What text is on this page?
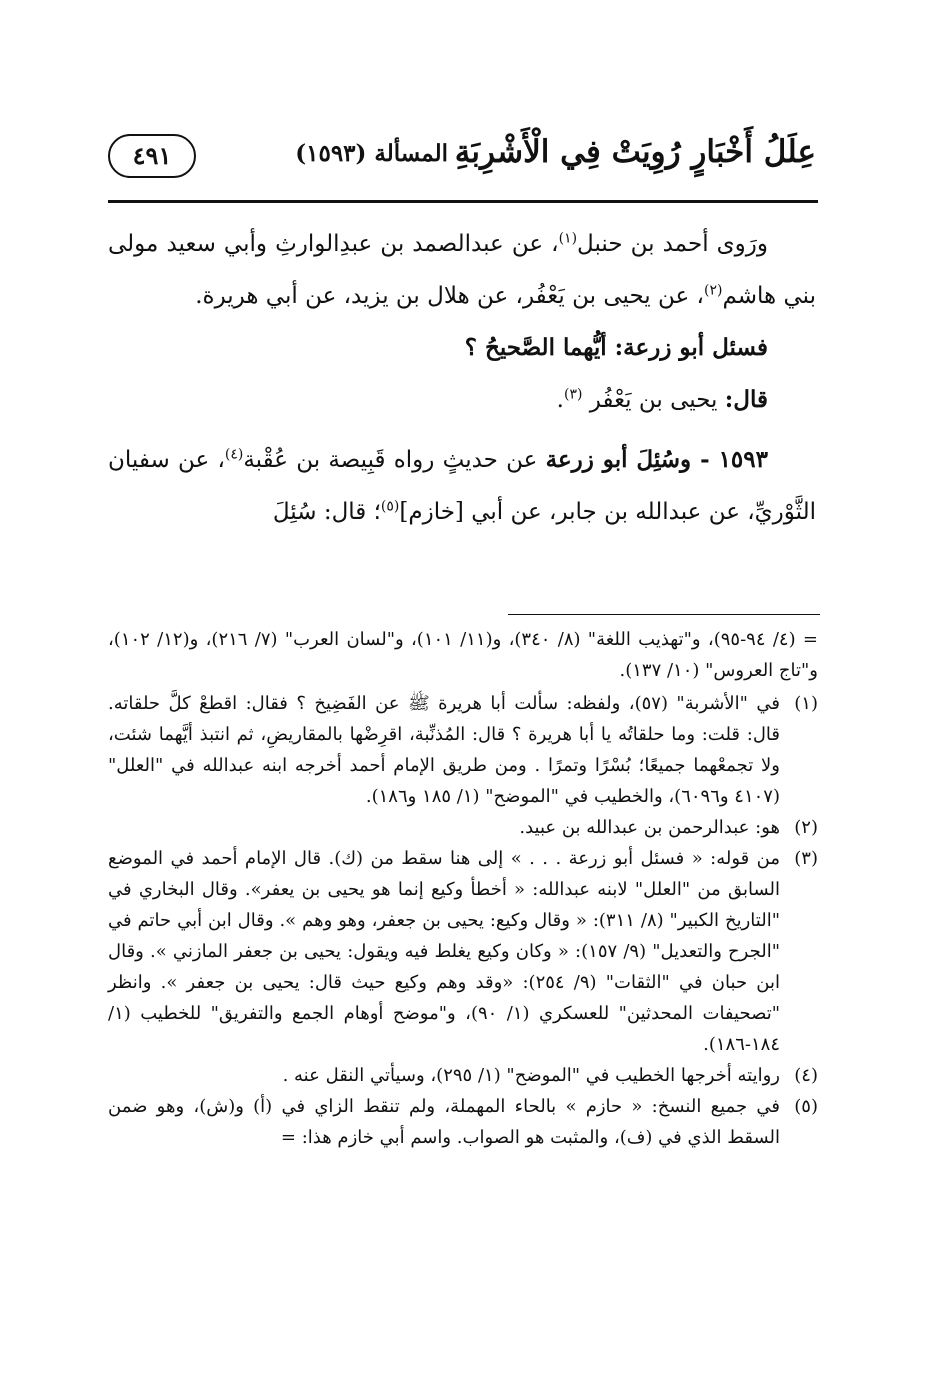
عِلَلُ أَخْبَارٍ رُوِيَتْ فِي الْأَشْرِبَةِ
المسألة (١٥٩٣)
٤٩١

ورَوى أحمد بن حنبل$^{(١)}$، عن عبدالصمد بن عبدِالوارثِ وأبي سعيد مولى بني هاشم$^{(٢)}$، عن يحيى بن يَعْفُر، عن هلال بن يزيد، عن أبي هريرة.

فسئل أبو زرعة: أيُّهما الصَّحيحُ ؟

قال: يحيى بن يَعْفُر $^{(٣)}$.

١٥٩٣ - وسُئِلَ أبو زرعة عن حديثٍ رواه قَبِيصة بن عُقْبة$^{(٤)}$، عن سفيان الثَّوْريِّ، عن عبدالله بن جابر، عن أبي [خازم]$^{(٥)}$؛ قال: سُئِلَ

= (٤/ ٩٤-٩٥)، و"تهذيب اللغة" (٨/ ٣٤٠)، و(١١/ ١٠١)، و"لسان العرب" (٧/ ٢١٦)، و(١٢/ ١٠٢)، و"تاج العروس" (١٠/ ١٣٧).

(١)
في "الأشربة" (٥٧)، ولفظه: سألت أبا هريرة ﷺ عن الفَضِيخ ؟ فقال: اقطعْ كلَّ حلقاته. قال: قلت: وما حلقاتُه يا أبا هريرة ؟ قال: المُذنِّبة، اقرِضْها بالمقاريضِ، ثم انتبذ أيَّهما شئت، ولا تجمعْهما جميعًا؛ بُسْرًا وتمرًا . ومن طريق الإمام أحمد أخرجه ابنه عبدالله في "العلل" (٤١٠٧ و٦٠٩٦)، والخطيب في "الموضح" (١/ ١٨٥ و١٨٦).
(٢)
هو: عبدالرحمن بن عبدالله بن عبيد.
(٣)
من قوله: « فسئل أبو زرعة . . . » إلى هنا سقط من (ك). قال الإمام أحمد في الموضع السابق من "العلل" لابنه عبدالله: « أخطأ وكيع إنما هو يحيى بن يعفر». وقال البخاري في "التاريخ الكبير" (٨/ ٣١١): « وقال وكيع: يحيى بن جعفر، وهو وهم ». وقال ابن أبي حاتم في "الجرح والتعديل" (٩/ ١٥٧): « وكان وكيع يغلط فيه ويقول: يحيى بن جعفر المازني ». وقال ابن حبان في "الثقات" (٩/ ٢٥٤): «وقد وهم وكيع حيث قال: يحيى بن جعفر ». وانظر "تصحيفات المحدثين" للعسكري (١/ ٩٠)، و"موضح أوهام الجمع والتفريق" للخطيب (١/ ١٨٤-١٨٦).
(٤)
روايته أخرجها الخطيب في "الموضح" (١/ ٢٩٥)، وسيأتي النقل عنه .
(٥)
في جميع النسخ: « حازم » بالحاء المهملة، ولم تنقط الزاي في (أ) و(ش)، وهو ضمن السقط الذي في (ف)، والمثبت هو الصواب. واسم أبي خازم هذا: =
